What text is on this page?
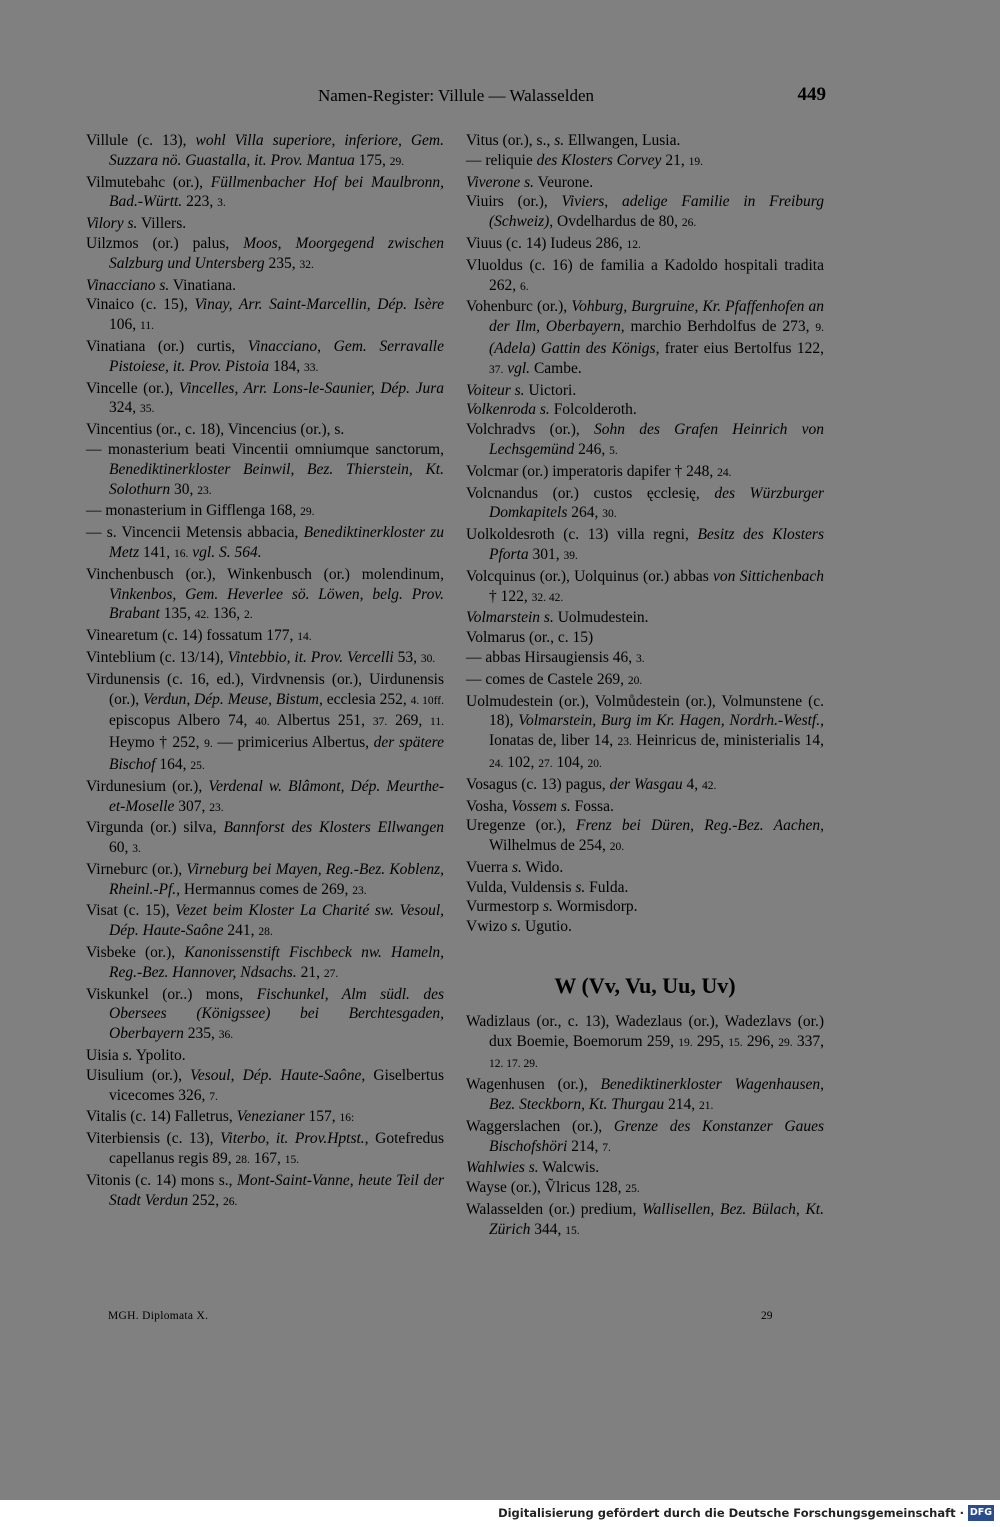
Namen-Register: Villule — Walasselden	449
Villule (c. 13), wohl Villa superiore, inferiore, Gem. Suzzara nö. Guastalla, it. Prov. Mantua 175, 29.
Vilmutebahc (or.), Füllmenbacher Hof bei Maulbronn, Bad.-Württ. 223, 3.
Vilory s. Villers.
Uilzmos (or.) palus, Moos, Moorgegend zwischen Salzburg und Untersberg 235, 32.
Vinacciano s. Vinatiana.
Vinaico (c. 15), Vinay, Arr. Saint-Marcellin, Dép. Isère 106, 11.
Vinatiana (or.) curtis, Vinacciano, Gem. Serravalle Pistoiese, it. Prov. Pistoia 184, 33.
Vincelle (or.), Vincelles, Arr. Lons-le-Saunier, Dép. Jura 324, 35.
Vincentius (or., c. 18), Vincencius (or.), s.
— monasterium beati Vincentii omniumque sanctorum, Benediktinerkloster Beinwil, Bez. Thierstein, Kt. Solothurn 30, 23.
— monasterium in Gifflenga 168, 29.
— s. Vincencii Metensis abbacia, Benediktinerkloster zu Metz 141, 16. vgl. S. 564.
Vinchenbusch (or.), Winkenbusch (or.) molendinum, Vinkenbos, Gem. Heverlee sö. Löwen, belg. Prov. Brabant 135, 42. 136, 2.
Vinearetum (c. 14) fossatum 177, 14.
Vinteblium (c. 13/14), Vintebbio, it. Prov. Vercelli 53, 30.
Virdunensis (c. 16, ed.), Virdvnensis (or.), Uirdunensis (or.), Verdun, Dép. Meuse, Bistum, ecclesia 252, 4. 10ff. episcopus Albero 74, 40. Albertus 251, 37. 269, 11. Heymo † 252, 9. — primicerius Albertus, der spätere Bischof 164, 25.
Virdunesium (or.), Verdenal w. Blâmont, Dép. Meurthe-et-Moselle 307, 23.
Virgunda (or.) silva, Bannforst des Klosters Ellwangen 60, 3.
Virneburc (or.), Virneburg bei Mayen, Reg.-Bez. Koblenz, Rheinl.-Pf., Hermannus comes de 269, 23.
Visat (c. 15), Vezet beim Kloster La Charité sw. Vesoul, Dép. Haute-Saône 241, 28.
Visbeke (or.), Kanonissenstift Fischbeck nw. Hameln, Reg.-Bez. Hannover, Ndsachs. 21, 27.
Viskunkel (or..) mons, Fischunkel, Alm südl. des Obersees (Königssee) bei Berchtesgaden, Oberbayern 235, 36.
Uisia s. Ypolito.
Uisulium (or.), Vesoul, Dép. Haute-Saône, Giselbertus vicecomes 326, 7.
Vitalis (c. 14) Falletrus, Venezianer 157, 16:
Viterbiensis (c. 13), Viterbo, it. Prov.Hptst., Gotefredus capellanus regis 89, 28. 167, 15.
Vitonis (c. 14) mons s., Mont-Saint-Vanne, heute Teil der Stadt Verdun 252, 26.
Vitus (or.), s., s. Ellwangen, Lusia.
— reliquie des Klosters Corvey 21, 19.
Viverone s. Veurone.
Viuirs (or.), Viviers, adelige Familie in Freiburg (Schweiz), Ovdelhardus de 80, 26.
Viuus (c. 14) Iudeus 286, 12.
Vluoldus (c. 16) de familia a Kadoldo hospitali tradita 262, 6.
Vohenburc (or.), Vohburg, Burgruine, Kr. Pfaffenhofen an der Ilm, Oberbayern, marchio Berhdolfus de 273, 9. (Adela) Gattin des Königs, frater eius Bertolfus 122, 37. vgl. Cambe.
Voiteur s. Uictori.
Volkenroda s. Folcolderoth.
Volchradvs (or.), Sohn des Grafen Heinrich von Lechsgemünd 246, 5.
Volcmar (or.) imperatoris dapifer † 248, 24.
Volcnandus (or.) custos ęcclesię, des Würzburger Domkapitels 264, 30.
Uolkoldesroth (c. 13) villa regni, Besitz des Klosters Pforta 301, 39.
Volcquinus (or.), Uolquinus (or.) abbas von Sittichenbach † 122, 32. 42.
Volmarstein s. Uolmudestein.
Volmarus (or., c. 15)
— abbas Hirsaugiensis 46, 3.
— comes de Castele 269, 20.
Uolmudestein (or.), Volmůdestein (or.), Volmunstene (c. 18), Volmarstein, Burg im Kr. Hagen, Nordrh.-Westf., Ionatas de, liber 14, 23. Heinricus de, ministerialis 14, 24. 102, 27. 104, 20.
Vosagus (c. 13) pagus, der Wasgau 4, 42.
Vosha, Vossem s. Fossa.
Uregenze (or.), Frenz bei Düren, Reg.-Bez. Aachen, Wilhelmus de 254, 20.
Vuerra s. Wido.
Vulda, Vuldensis s. Fulda.
Vurmestorp s. Wormisdorp.
Vwizo s. Ugutio.
W (Vv, Vu, Uu, Uv)
Wadizlaus (or., c. 13), Wadezlaus (or.), Wadezlavs (or.) dux Boemie, Boemorum 259, 19. 295, 15. 296, 29. 337, 12. 17. 29.
Wagenhusen (or.), Benediktinerkloster Wagenhausen, Bez. Steckborn, Kt. Thurgau 214, 21.
Waggerslachen (or.), Grenze des Konstanzer Gaues Bischofshöri 214, 7.
Wahlwies s. Walcwis.
Wayse (or.), Ṽlricus 128, 25.
Walasselden (or.) predium, Wallisellen, Bez. Bülach, Kt. Zürich 344, 15.
MGH. Diplomata X.	29
Digitalisierung gefördert durch die Deutsche Forschungsgemeinschaft · DFG
